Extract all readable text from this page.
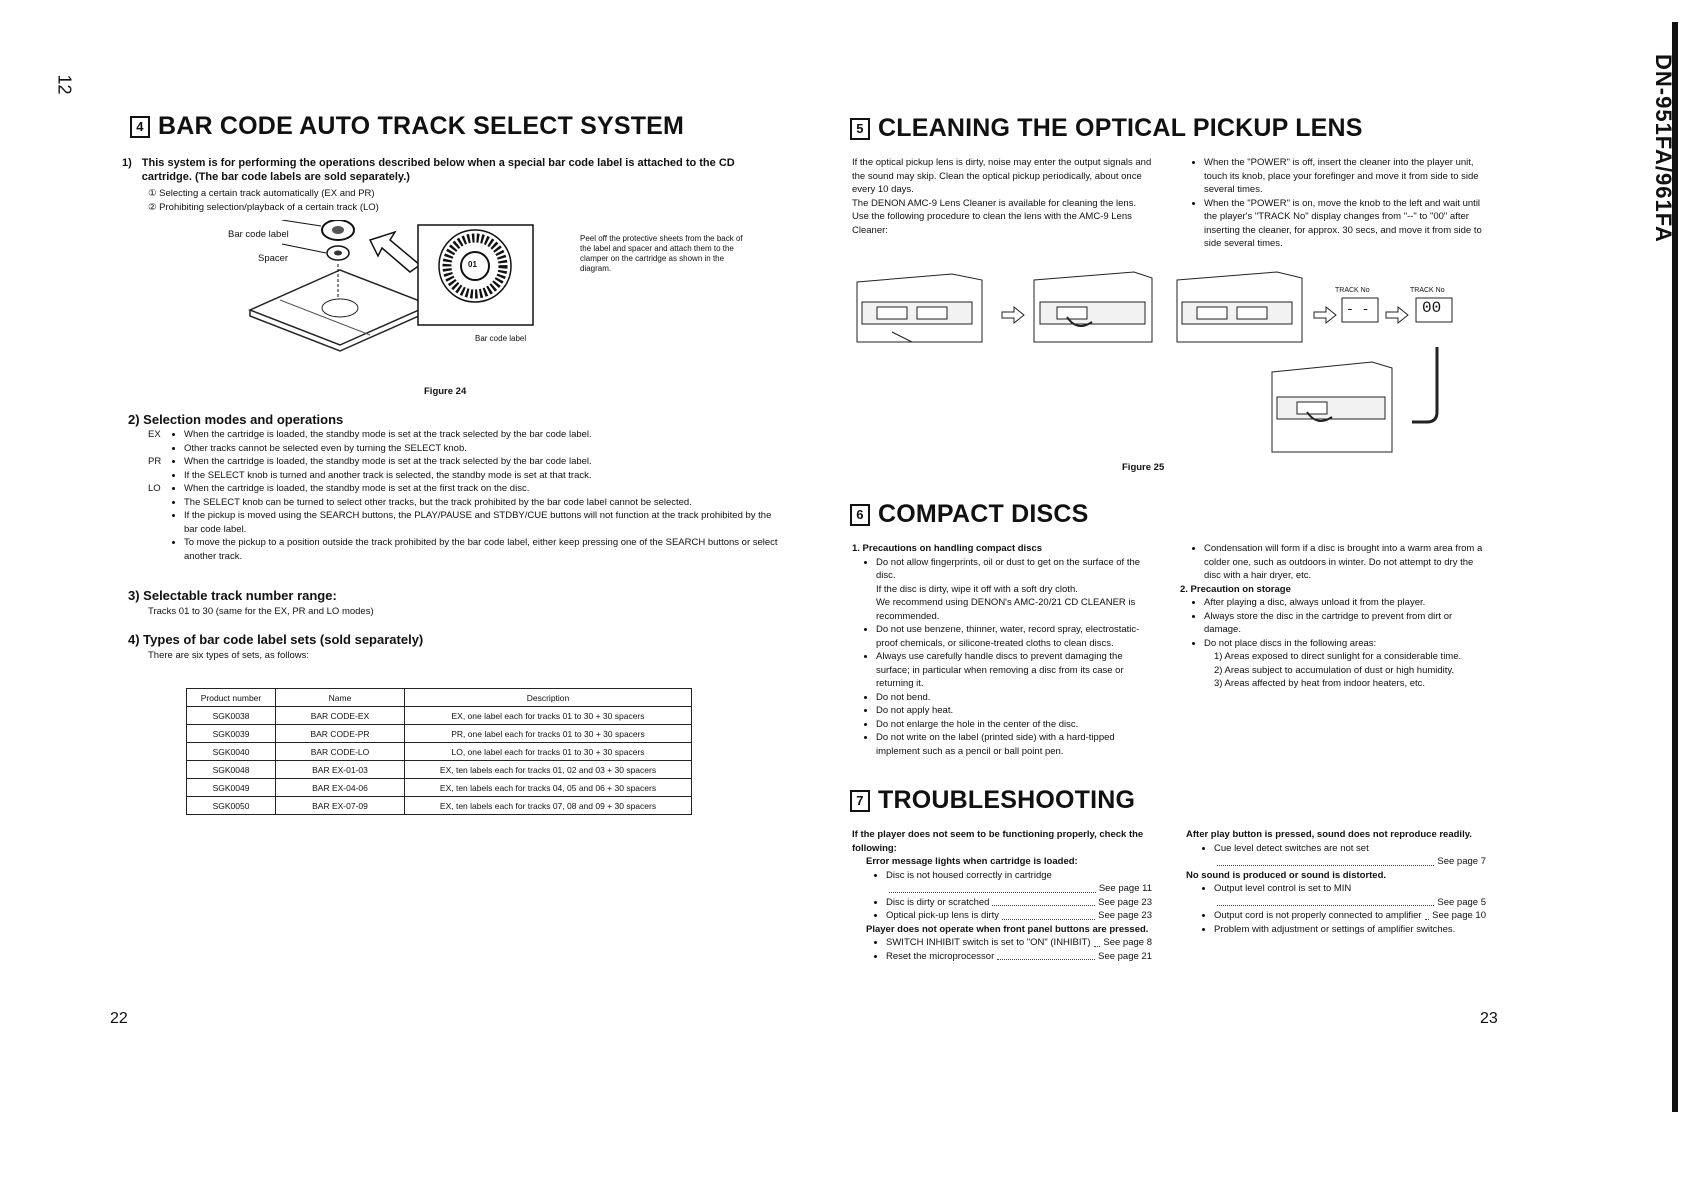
12	DN-951FA/961FA
4 BAR CODE AUTO TRACK SELECT SYSTEM
1) This system is for performing the operations described below when a special bar code label is attached to the CD cartridge. (The bar code labels are sold separately.)
① Selecting a certain track automatically (EX and PR)
② Prohibiting selection/playback of a certain track (LO)
Bar code label
Spacer
01
Bar code label
Peel off the protective sheets from the back of the label and spacer and attach them to the clamper on the cartridge as shown in the diagram.
Figure 24
2) Selection modes and operations
EX	• When the cartridge is loaded, the standby mode is set at the track selected by the bar code label.
• Other tracks cannot be selected even by turning the SELECT knob.
PR	• When the cartridge is loaded, the standby mode is set at the track selected by the bar code label.
• If the SELECT knob is turned and another track is selected, the standby mode is set at that track.
LO	• When the cartridge is loaded, the standby mode is set at the first track on the disc.
• The SELECT knob can be turned to select other tracks, but the track prohibited by the bar code label cannot be selected.
• If the pickup is moved using the SEARCH buttons, the PLAY/PAUSE and STDBY/CUE buttons will not function at the track prohibited by the bar code label.
• To move the pickup to a position outside the track prohibited by the bar code label, either keep pressing one of the SEARCH buttons or select another track.
3) Selectable track number range:
Tracks 01 to 30 (same for the EX, PR and LO modes)
4) Types of bar code label sets (sold separately)
There are six types of sets, as follows:
Product number	Name	Description
SGK0038	BAR CODE-EX	EX, one label each for tracks 01 to 30 + 30 spacers
SGK0039	BAR CODE-PR	PR, one label each for tracks 01 to 30 + 30 spacers
SGK0040	BAR CODE-LO	LO, one label each for tracks 01 to 30 + 30 spacers
SGK0048	BAR EX-01-03	EX, ten labels each for tracks 01, 02 and 03 + 30 spacers
SGK0049	BAR EX-04-06	EX, ten labels each for tracks 04, 05 and 06 + 30 spacers
SGK0050	BAR EX-07-09	EX, ten labels each for tracks 07, 08 and 09 + 30 spacers
22
5 CLEANING THE OPTICAL PICKUP LENS
If the optical pickup lens is dirty, noise may enter the output signals and the sound may skip. Clean the optical pickup periodically, about once every 10 days.
The DENON AMC-9 Lens Cleaner is available for cleaning the lens.
Use the following procedure to clean the lens with the AMC-9 Lens Cleaner:
• When the "POWER" is off, insert the cleaner into the player unit, touch its knob, place your forefinger and move it from side to side several times.
• When the "POWER" is on, move the knob to the left and wait until the player's "TRACK No" display changes from "--" to "00" after inserting the cleaner, for approx. 30 secs, and move it from side to side several times.
TRACK No	TRACK No
- -	00
Figure 25
6 COMPACT DISCS
1. Precautions on handling compact discs
• Do not allow fingerprints, oil or dust to get on the surface of the disc.
If the disc is dirty, wipe it off with a soft dry cloth.
We recommend using DENON's AMC-20/21 CD CLEANER is recommended.
• Do not use benzene, thinner, water, record spray, electrostatic-proof chemicals, or silicone-treated cloths to clean discs.
• Always use carefully handle discs to prevent damaging the surface; in particular when removing a disc from its case or returning it.
• Do not bend.
• Do not apply heat.
• Do not enlarge the hole in the center of the disc.
• Do not write on the label (printed side) with a hard-tipped implement such as a pencil or ball point pen.
• Condensation will form if a disc is brought into a warm area from a colder one, such as outdoors in winter. Do not attempt to dry the disc with a hair dryer, etc.
2. Precaution on storage
• After playing a disc, always unload it from the player.
• Always store the disc in the cartridge to prevent from dirt or damage.
• Do not place discs in the following areas:
1) Areas exposed to direct sunlight for a considerable time.
2) Areas subject to accumulation of dust or high humidity.
3) Areas affected by heat from indoor heaters, etc.
7 TROUBLESHOOTING
If the player does not seem to be functioning properly, check the following:
Error message lights when cartridge is loaded:
• Disc is not housed correctly in cartridge
See page 11
• Disc is dirty or scratched	See page 23
• Optical pick-up lens is dirty	See page 23
Player does not operate when front panel buttons are pressed.
• SWITCH INHIBIT switch is set to "ON" (INHIBIT) See page 8
• Reset the microprocessor	See page 21
After play button is pressed, sound does not reproduce readily.
• Cue level detect switches are not set
See page 7
No sound is produced or sound is distorted.
• Output level control is set to MIN
See page 5
• Output cord is not properly connected to amplifier See page 10
• Problem with adjustment or settings of amplifier switches.
23
